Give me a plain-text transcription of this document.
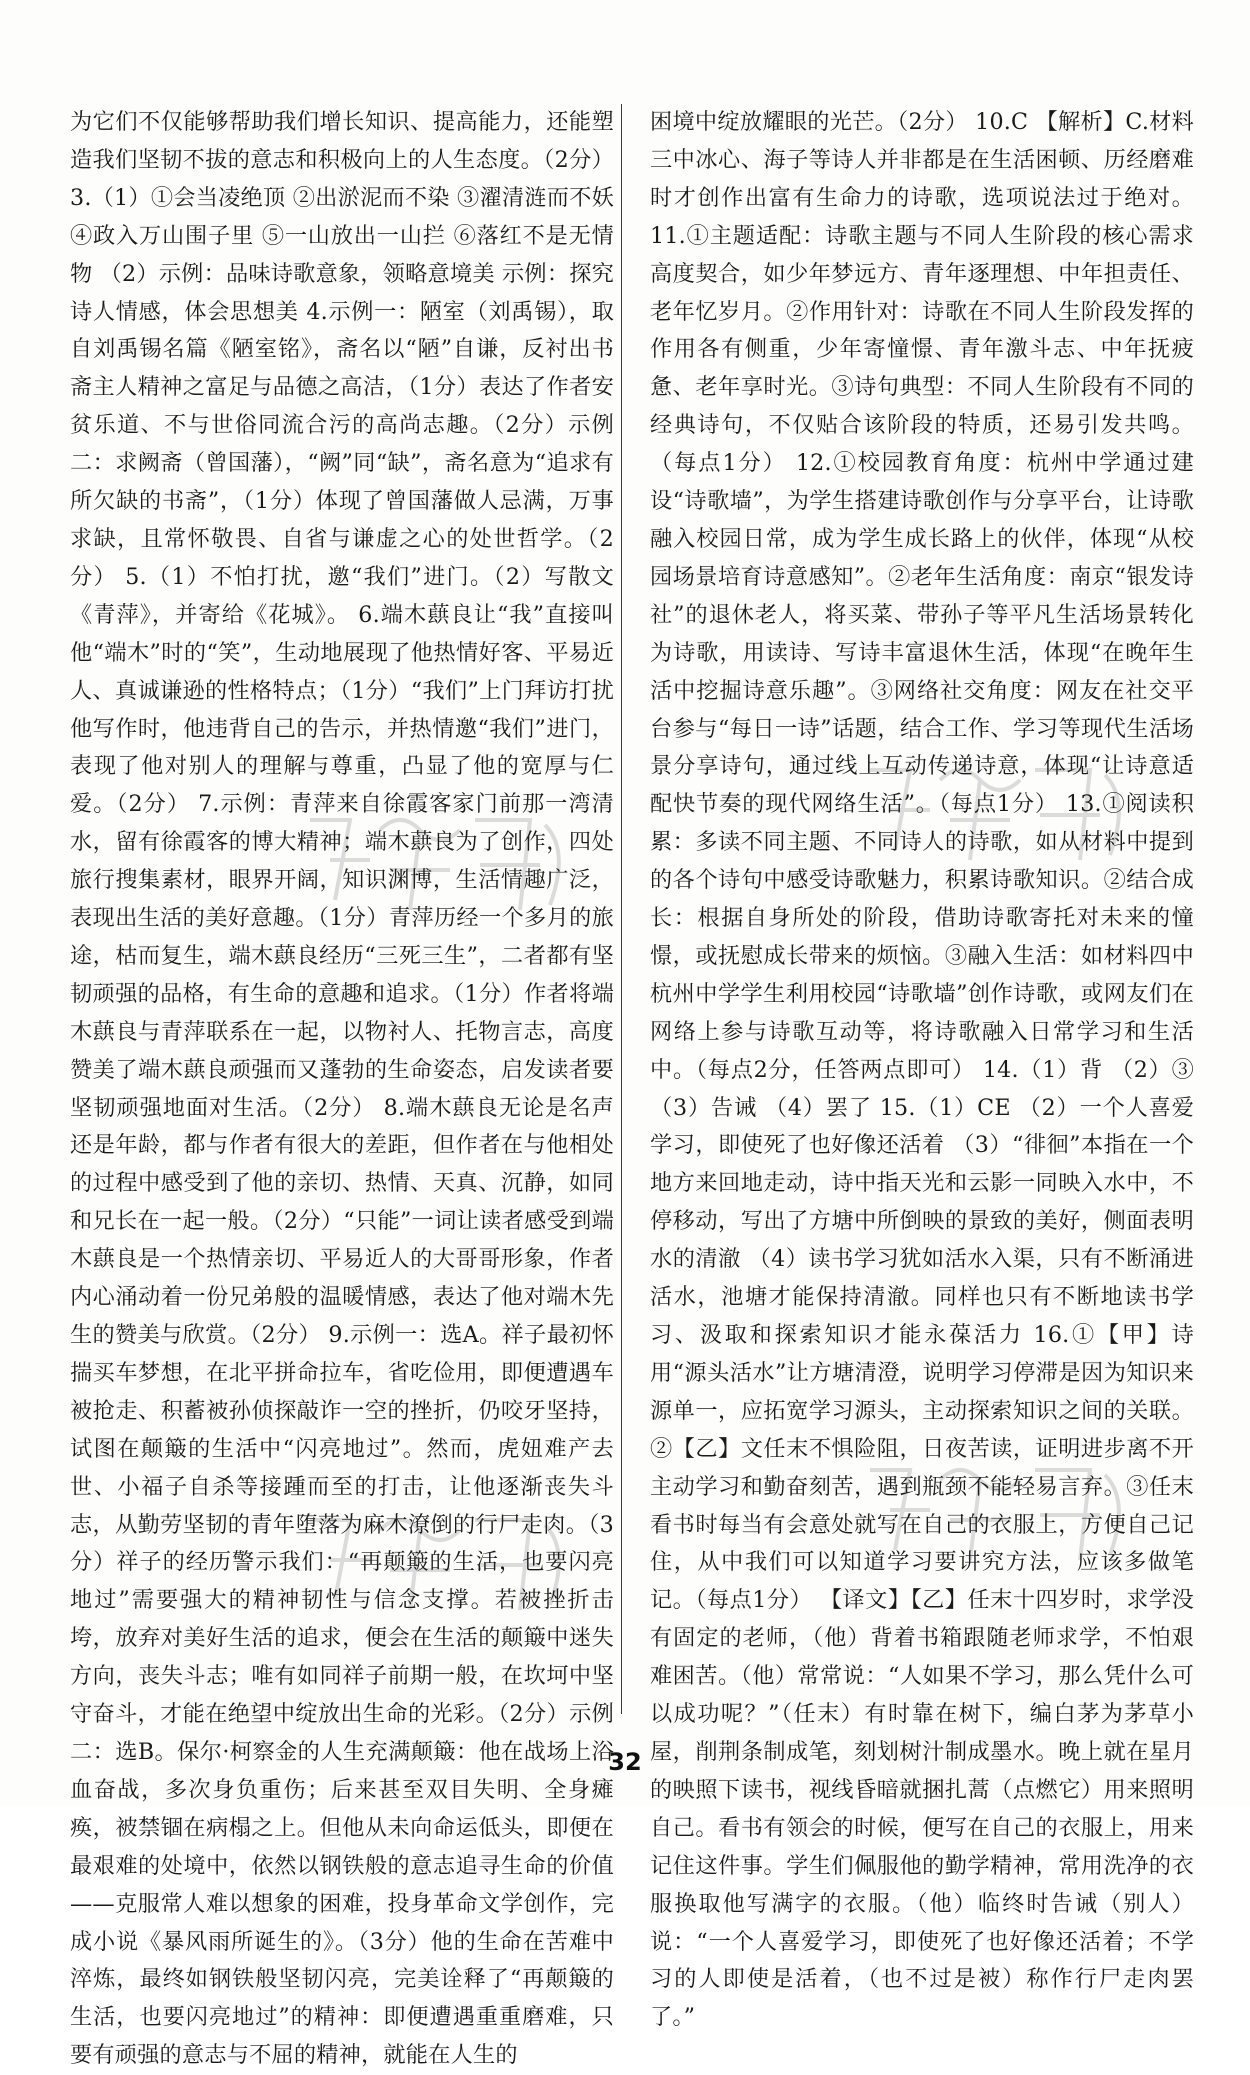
为它们不仅能够帮助我们增长知识、提高能力，还能塑造我们坚韧不拔的意志和积极向上的人生态度。（2分） 3.（1）①会当凌绝顶 ②出淤泥而不染 ③濯清涟而不妖 ④政入万山围子里 ⑤一山放出一山拦 ⑥落红不是无情物 （2）示例：品味诗歌意象，领略意境美 示例：探究诗人情感，体会思想美 4.示例一：陋室（刘禹锡），取自刘禹锡名篇《陋室铭》，斋名以“陋”自谦，反衬出书斋主人精神之富足与品德之高洁，（1分）表达了作者安贫乐道、不与世俗同流合污的高尚志趣。（2分）示例二：求阙斋（曾国藩），“阙”同“缺”，斋名意为“追求有所欠缺的书斋”，（1分）体现了曾国藩做人忌满，万事求缺，且常怀敬畏、自省与谦虚之心的处世哲学。（2分） 5.（1）不怕打扰，邀“我们”进门。（2）写散文《青萍》，并寄给《花城》。 6.端木蕻良让“我”直接叫他“端木”时的“笑”，生动地展现了他热情好客、平易近人、真诚谦逊的性格特点；（1分）“我们”上门拜访打扰他写作时，他违背自己的告示，并热情邀“我们”进门，表现了他对别人的理解与尊重，凸显了他的宽厚与仁爱。（2分） 7.示例：青萍来自徐霞客家门前那一湾清水，留有徐霞客的博大精神；端木蕻良为了创作，四处旅行搜集素材，眼界开阔，知识渊博，生活情趣广泛，表现出生活的美好意趣。（1分）青萍历经一个多月的旅途，枯而复生，端木蕻良经历“三死三生”，二者都有坚韧顽强的品格，有生命的意趣和追求。（1分）作者将端木蕻良与青萍联系在一起，以物衬人、托物言志，高度赞美了端木蕻良顽强而又蓬勃的生命姿态，启发读者要坚韧顽强地面对生活。（2分） 8.端木蕻良无论是名声还是年龄，都与作者有很大的差距，但作者在与他相处的过程中感受到了他的亲切、热情、天真、沉静，如同和兄长在一起一般。（2分）“只能”一词让读者感受到端木蕻良是一个热情亲切、平易近人的大哥哥形象，作者内心涌动着一份兄弟般的温暖情感，表达了他对端木先生的赞美与欣赏。（2分） 9.示例一：选A。祥子最初怀揣买车梦想，在北平拼命拉车，省吃俭用，即便遭遇车被抢走、积蓄被孙侦探敲诈一空的挫折，仍咬牙坚持，试图在颠簸的生活中“闪亮地过”。然而，虎妞难产去世、小福子自杀等接踵而至的打击，让他逐渐丧失斗志，从勤劳坚韧的青年堕落为麻木潦倒的行尸走肉。（3分）祥子的经历警示我们：“再颠簸的生活，也要闪亮地过”需要强大的精神韧性与信念支撑。若被挫折击垮，放弃对美好生活的追求，便会在生活的颠簸中迷失方向，丧失斗志；唯有如同祥子前期一般，在坎坷中坚守奋斗，才能在绝望中绽放出生命的光彩。（2分）示例二：选B。保尔·柯察金的人生充满颠簸：他在战场上浴血奋战，多次身负重伤；后来甚至双目失明、全身瘫痪，被禁锢在病榻之上。但他从未向命运低头，即便在最艰难的处境中，依然以钢铁般的意志追寻生命的价值——克服常人难以想象的困难，投身革命文学创作，完成小说《暴风雨所诞生的》。（3分）他的生命在苦难中淬炼，最终如钢铁般坚韧闪亮，完美诠释了“再颠簸的生活，也要闪亮地过”的精神：即便遭遇重重磨难，只要有顽强的意志与不屈的精神，就能在人生的

困境中绽放耀眼的光芒。（2分） 10.C 【解析】C.材料三中冰心、海子等诗人并非都是在生活困顿、历经磨难时才创作出富有生命力的诗歌，选项说法过于绝对。 11.①主题适配：诗歌主题与不同人生阶段的核心需求高度契合，如少年梦远方、青年逐理想、中年担责任、老年忆岁月。②作用针对：诗歌在不同人生阶段发挥的作用各有侧重，少年寄憧憬、青年激斗志、中年抚疲惫、老年享时光。③诗句典型：不同人生阶段有不同的经典诗句，不仅贴合该阶段的特质，还易引发共鸣。（每点1分） 12.①校园教育角度：杭州中学通过建设“诗歌墙”，为学生搭建诗歌创作与分享平台，让诗歌融入校园日常，成为学生成长路上的伙伴，体现“从校园场景培育诗意感知”。②老年生活角度：南京“银发诗社”的退休老人，将买菜、带孙子等平凡生活场景转化为诗歌，用读诗、写诗丰富退休生活，体现“在晚年生活中挖掘诗意乐趣”。③网络社交角度：网友在社交平台参与“每日一诗”话题，结合工作、学习等现代生活场景分享诗句，通过线上互动传递诗意，体现“让诗意适配快节奏的现代网络生活”。（每点1分） 13.①阅读积累：多读不同主题、不同诗人的诗歌，如从材料中提到的各个诗句中感受诗歌魅力，积累诗歌知识。②结合成长：根据自身所处的阶段，借助诗歌寄托对未来的憧憬，或抚慰成长带来的烦恼。③融入生活：如材料四中杭州中学学生利用校园“诗歌墙”创作诗歌，或网友们在网络上参与诗歌互动等，将诗歌融入日常学习和生活中。（每点2分，任答两点即可） 14.（1）背 （2）③ （3）告诫 （4）罢了 15.（1）CE （2）一个人喜爱学习，即使死了也好像还活着 （3）“徘徊”本指在一个地方来回地走动，诗中指天光和云影一同映入水中，不停移动，写出了方塘中所倒映的景致的美好，侧面表明水的清澈 （4）读书学习犹如活水入渠，只有不断涌进活水，池塘才能保持清澈。同样也只有不断地读书学习、汲取和探索知识才能永葆活力 16.①【甲】诗用“源头活水”让方塘清澄，说明学习停滞是因为知识来源单一，应拓宽学习源头，主动探索知识之间的关联。②【乙】文任末不惧险阻，日夜苦读，证明进步离不开主动学习和勤奋刻苦，遇到瓶颈不能轻易言弃。③任末看书时每当有会意处就写在自己的衣服上，方便自己记住，从中我们可以知道学习要讲究方法，应该多做笔记。（每点1分） 【译文】【乙】任末十四岁时，求学没有固定的老师，（他）背着书箱跟随老师求学，不怕艰难困苦。（他）常常说：“人如果不学习，那么凭什么可以成功呢？”（任末）有时靠在树下，编白茅为茅草小屋，削荆条制成笔，刻划树汁制成墨水。晚上就在星月的映照下读书，视线昏暗就捆扎蒿（点燃它）用来照明自己。看书有领会的时候，便写在自己的衣服上，用来记住这件事。学生们佩服他的勤学精神，常用洗净的衣服换取他写满字的衣服。（他）临终时告诫（别人）说：“一个人喜爱学习，即使死了也好像还活着；不学习的人即使是活着，（也不过是被）称作行尸走肉罢了。”

32
